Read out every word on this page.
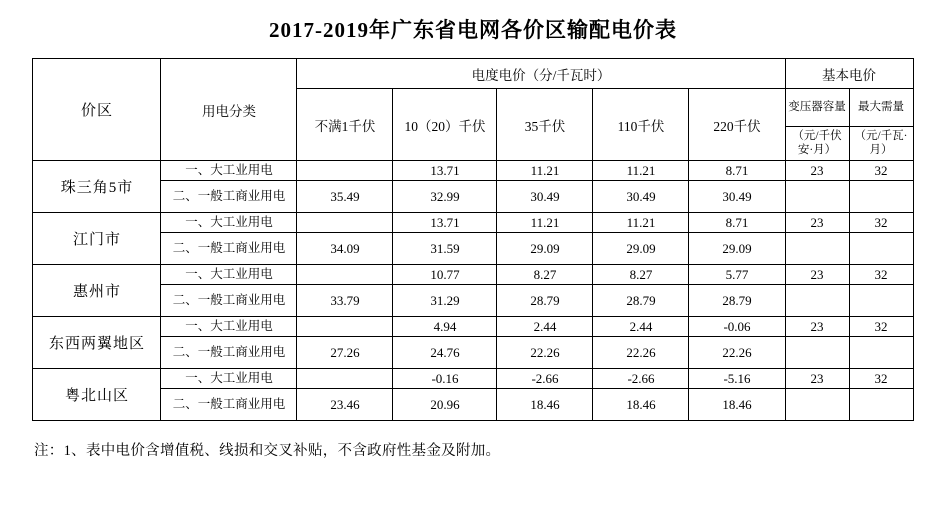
2017-2019年广东省电网各价区输配电价表
价区	用电分类	电度电价（分/千瓦时）					基本电价	
		不满1千伏	10（20）千伏	35千伏	110千伏	220千伏	变压器容量	最大需量
							（元/千伏安·月）	（元/千瓦·月）
珠三角5市	一、大工业用电		13.71	11.21	11.21	8.71	23	32
	二、一般工商业用电	35.49	32.99	30.49	30.49	30.49		
江门市	一、大工业用电		13.71	11.21	11.21	8.71	23	32
	二、一般工商业用电	34.09	31.59	29.09	29.09	29.09		
惠州市	一、大工业用电		10.77	8.27	8.27	5.77	23	32
	二、一般工商业用电	33.79	31.29	28.79	28.79	28.79		
东西两翼地区	一、大工业用电		4.94	2.44	2.44	-0.06	23	32
	二、一般工商业用电	27.26	24.76	22.26	22.26	22.26		
粤北山区	一、大工业用电		-0.16	-2.66	-2.66	-5.16	23	32
	二、一般工商业用电	23.46	20.96	18.46	18.46	18.46		
注：1、表中电价含增值税、线损和交叉补贴，不含政府性基金及附加。
